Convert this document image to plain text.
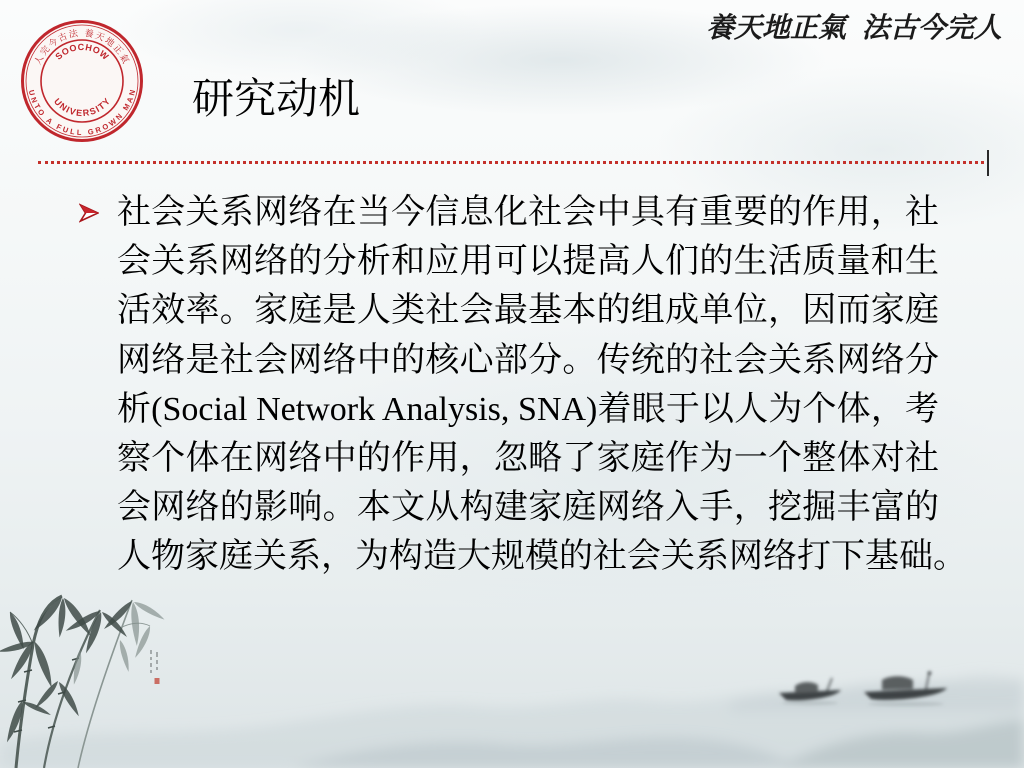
人完今古法 養天地正氣
UNTO A FULL GROWN MAN
SOOCHOW
UNIVERSITY
養天地正氣 法古今完人
研究动机
社会关系网络在当今信息化社会中具有重要的作用，社
会关系网络的分析和应用可以提高人们的生活质量和生
活效率。家庭是人类社会最基本的组成单位，因而家庭
网络是社会网络中的核心部分。传统的社会关系网络分
析(Social Network Analysis, SNA)着眼于以人为个体，考
察个体在网络中的作用，忽略了家庭作为一个整体对社
会网络的影响。本文从构建家庭网络入手，挖掘丰富的
人物家庭关系，为构造大规模的社会关系网络打下基础。
